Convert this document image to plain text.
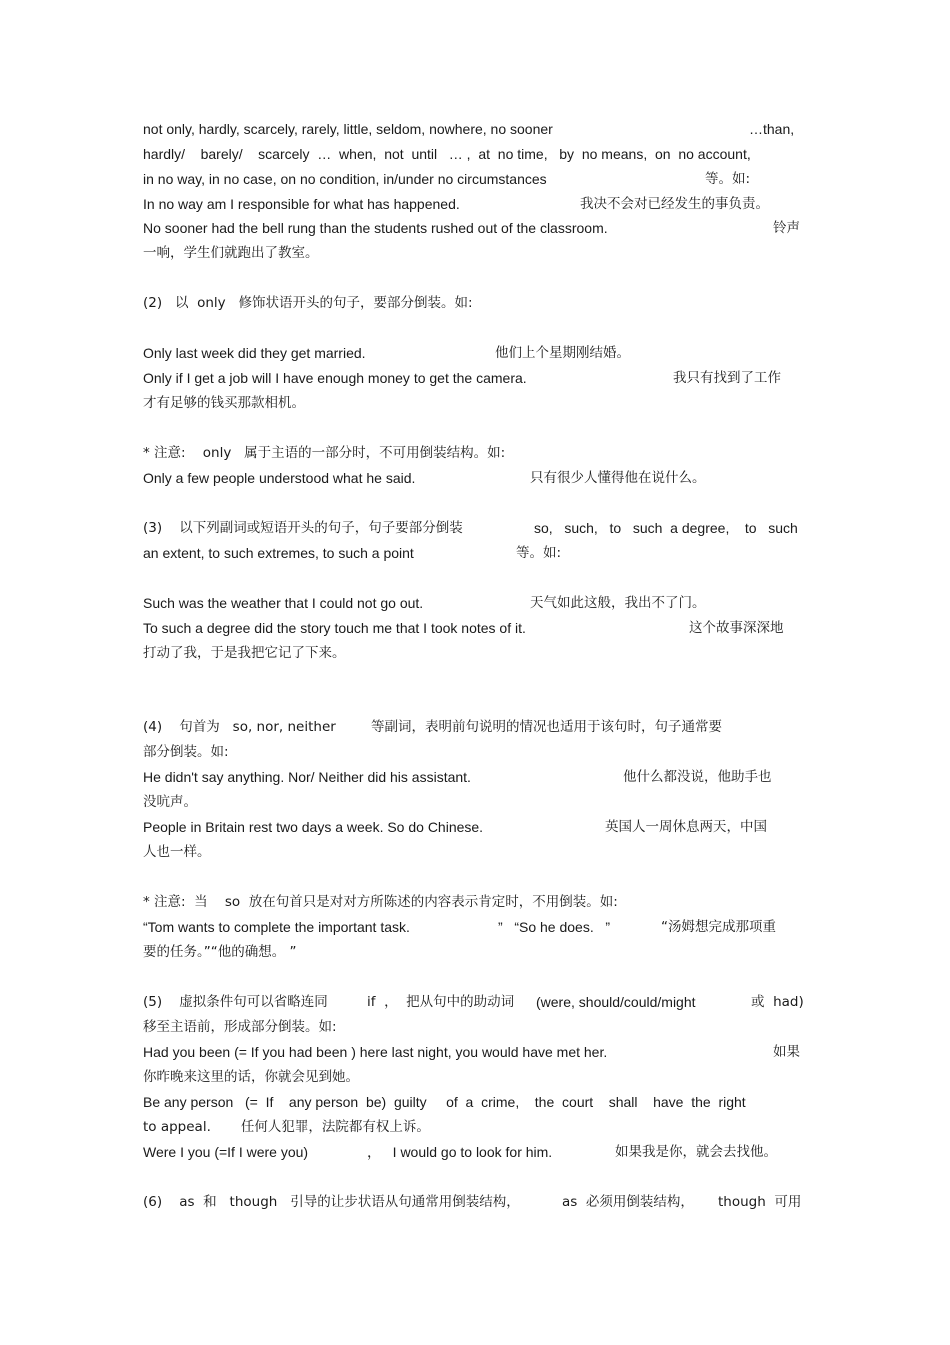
not only, hardly, scarcely, rarely, little, seldom, nowhere, no sooner	…than,
hardly/    barely/    scarcely  …  when,  not  until   … ,  at  no time,   by  no means,  on  no account,
in no way, in no case, on no condition, in/under no circumstances	等。如:
In no way am I responsible for what has happened.	我决不会对已经发生的事负责。
No sooner had the bell rung than the students rushed out of the classroom.	铃声
一响，学生们就跑出了教室。
(2)   以  only   修饰状语开头的句子，要部分倒装。如:
Only last week did they get married.	他们上个星期刚结婚。
Only if I get a job will I have enough money to get the camera.	我只有找到了工作
才有足够的钱买那款相机。
* 注意:    only   属于主语的一部分时，不可用倒装结构。如:
Only a few people understood what he said.	只有很少人懂得他在说什么。
(3)    以下列副词或短语开头的句子，句子要部分倒装	so,   such,   to   such  a degree,    to   such
an extent, to such extremes, to such a point	等。如:
Such was the weather that I could not go out.	天气如此这般，我出不了门。
To such a degree did the story touch me that I took notes of it.	这个故事深深地
打动了我，于是我把它记了下来。
(4)    句首为   so, nor, neither	等副词，表明前句说明的情况也适用于该句时，句子通常要
部分倒装。如:
He didn't say anything. Nor/ Neither did his assistant.	他什么都没说，他助手也
没吭声。
People in Britain rest two days a week. So do Chinese.	英国人一周休息两天，中国
人也一样。
* 注意:  当    so  放在句首只是对对方所陈述的内容表示肯定时，不用倒装。如:
“Tom wants to complete the important task.	”   “So he does.   ”	“汤姆想完成那项重
要的任务。”“他的确想。 ”
(5)    虚拟条件句可以省略连同	if  ，  把从句中的助动词 (were, should/could/might	或  had)
移至主语前，形成部分倒装。如:
Had you been (= If you had been ) here last night, you would have met her.	如果
你昨晚来这里的话，你就会见到她。
Be any person   (=  If    any person  be)  guilty     of  a  crime,    the  court    shall    have  the  right
to appeal.       任何人犯罪，法院都有权上诉。
Were I you (=If I were you)	，   I would go to look for him.	如果我是你，就会去找他。
(6)    as  和   though   引导的让步状语从句通常用倒装结构，	as  必须用倒装结构， though  可用
